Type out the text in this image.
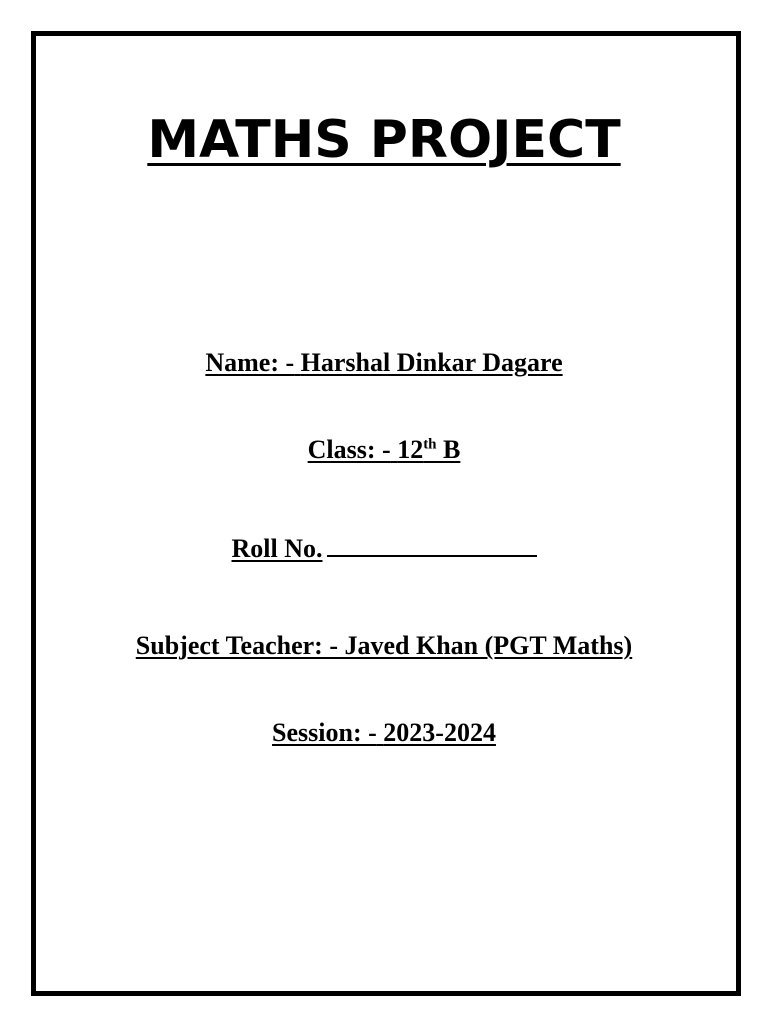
MATHS PROJECT
Name: - Harshal Dinkar Dagare
Class: - 12th B
Roll No.
Subject Teacher: - Javed Khan (PGT Maths)
Session: - 2023-2024
